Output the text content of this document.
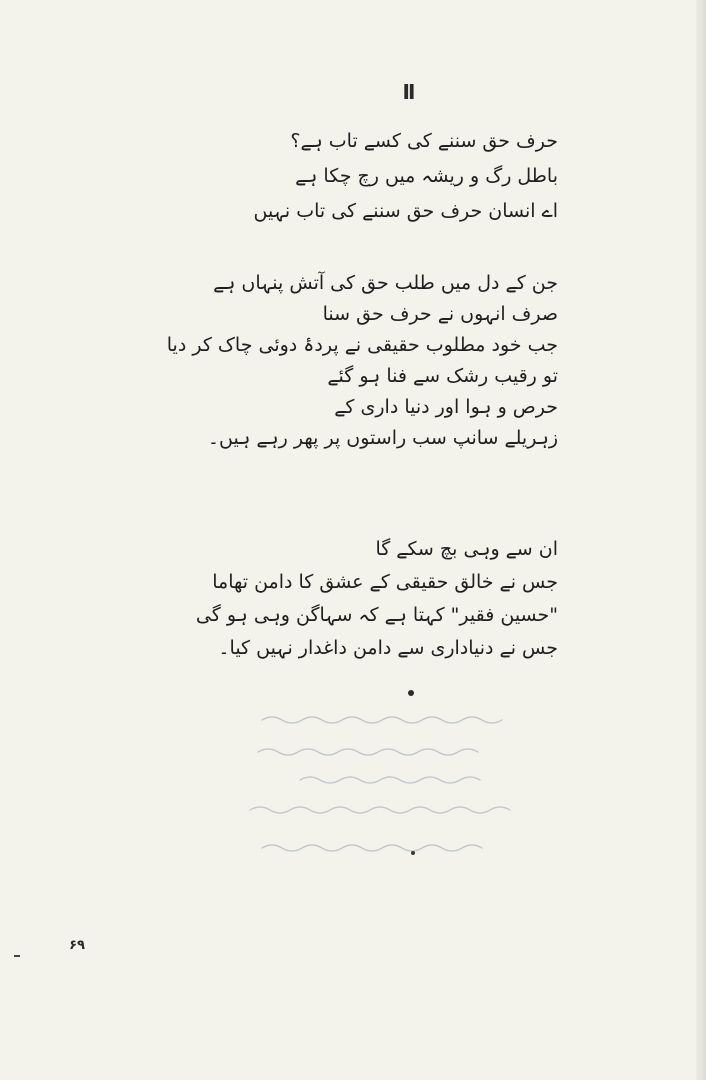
II
حرف حق سننے کی کسے تاب ہے؟
باطل رگ و ریشہ میں رچ چکا ہے
اے انسان حرف حق سننے کی تاب نہیں
جن کے دل میں طلب حق کی آتش پنہاں ہے
صرف انہوں نے حرف حق سنا
جب خود مطلوب حقیقی نے پردۂ دوئی چاک کر دیا
تو رقیب رشک سے فنا ہو گئے
حرص و ہوا اور دنیا داری کے
زہریلے سانپ سب راستوں پر پھر رہے ہیں۔
ان سے وہی بچ سکے گا
جس نے خالق حقیقی کے عشق کا دامن تھاما
"حسین فقیر" کہتا ہے کہ سہاگن وہی ہو گی
جس نے دنیاداری سے دامن داغدار نہیں کیا۔
۶۹
